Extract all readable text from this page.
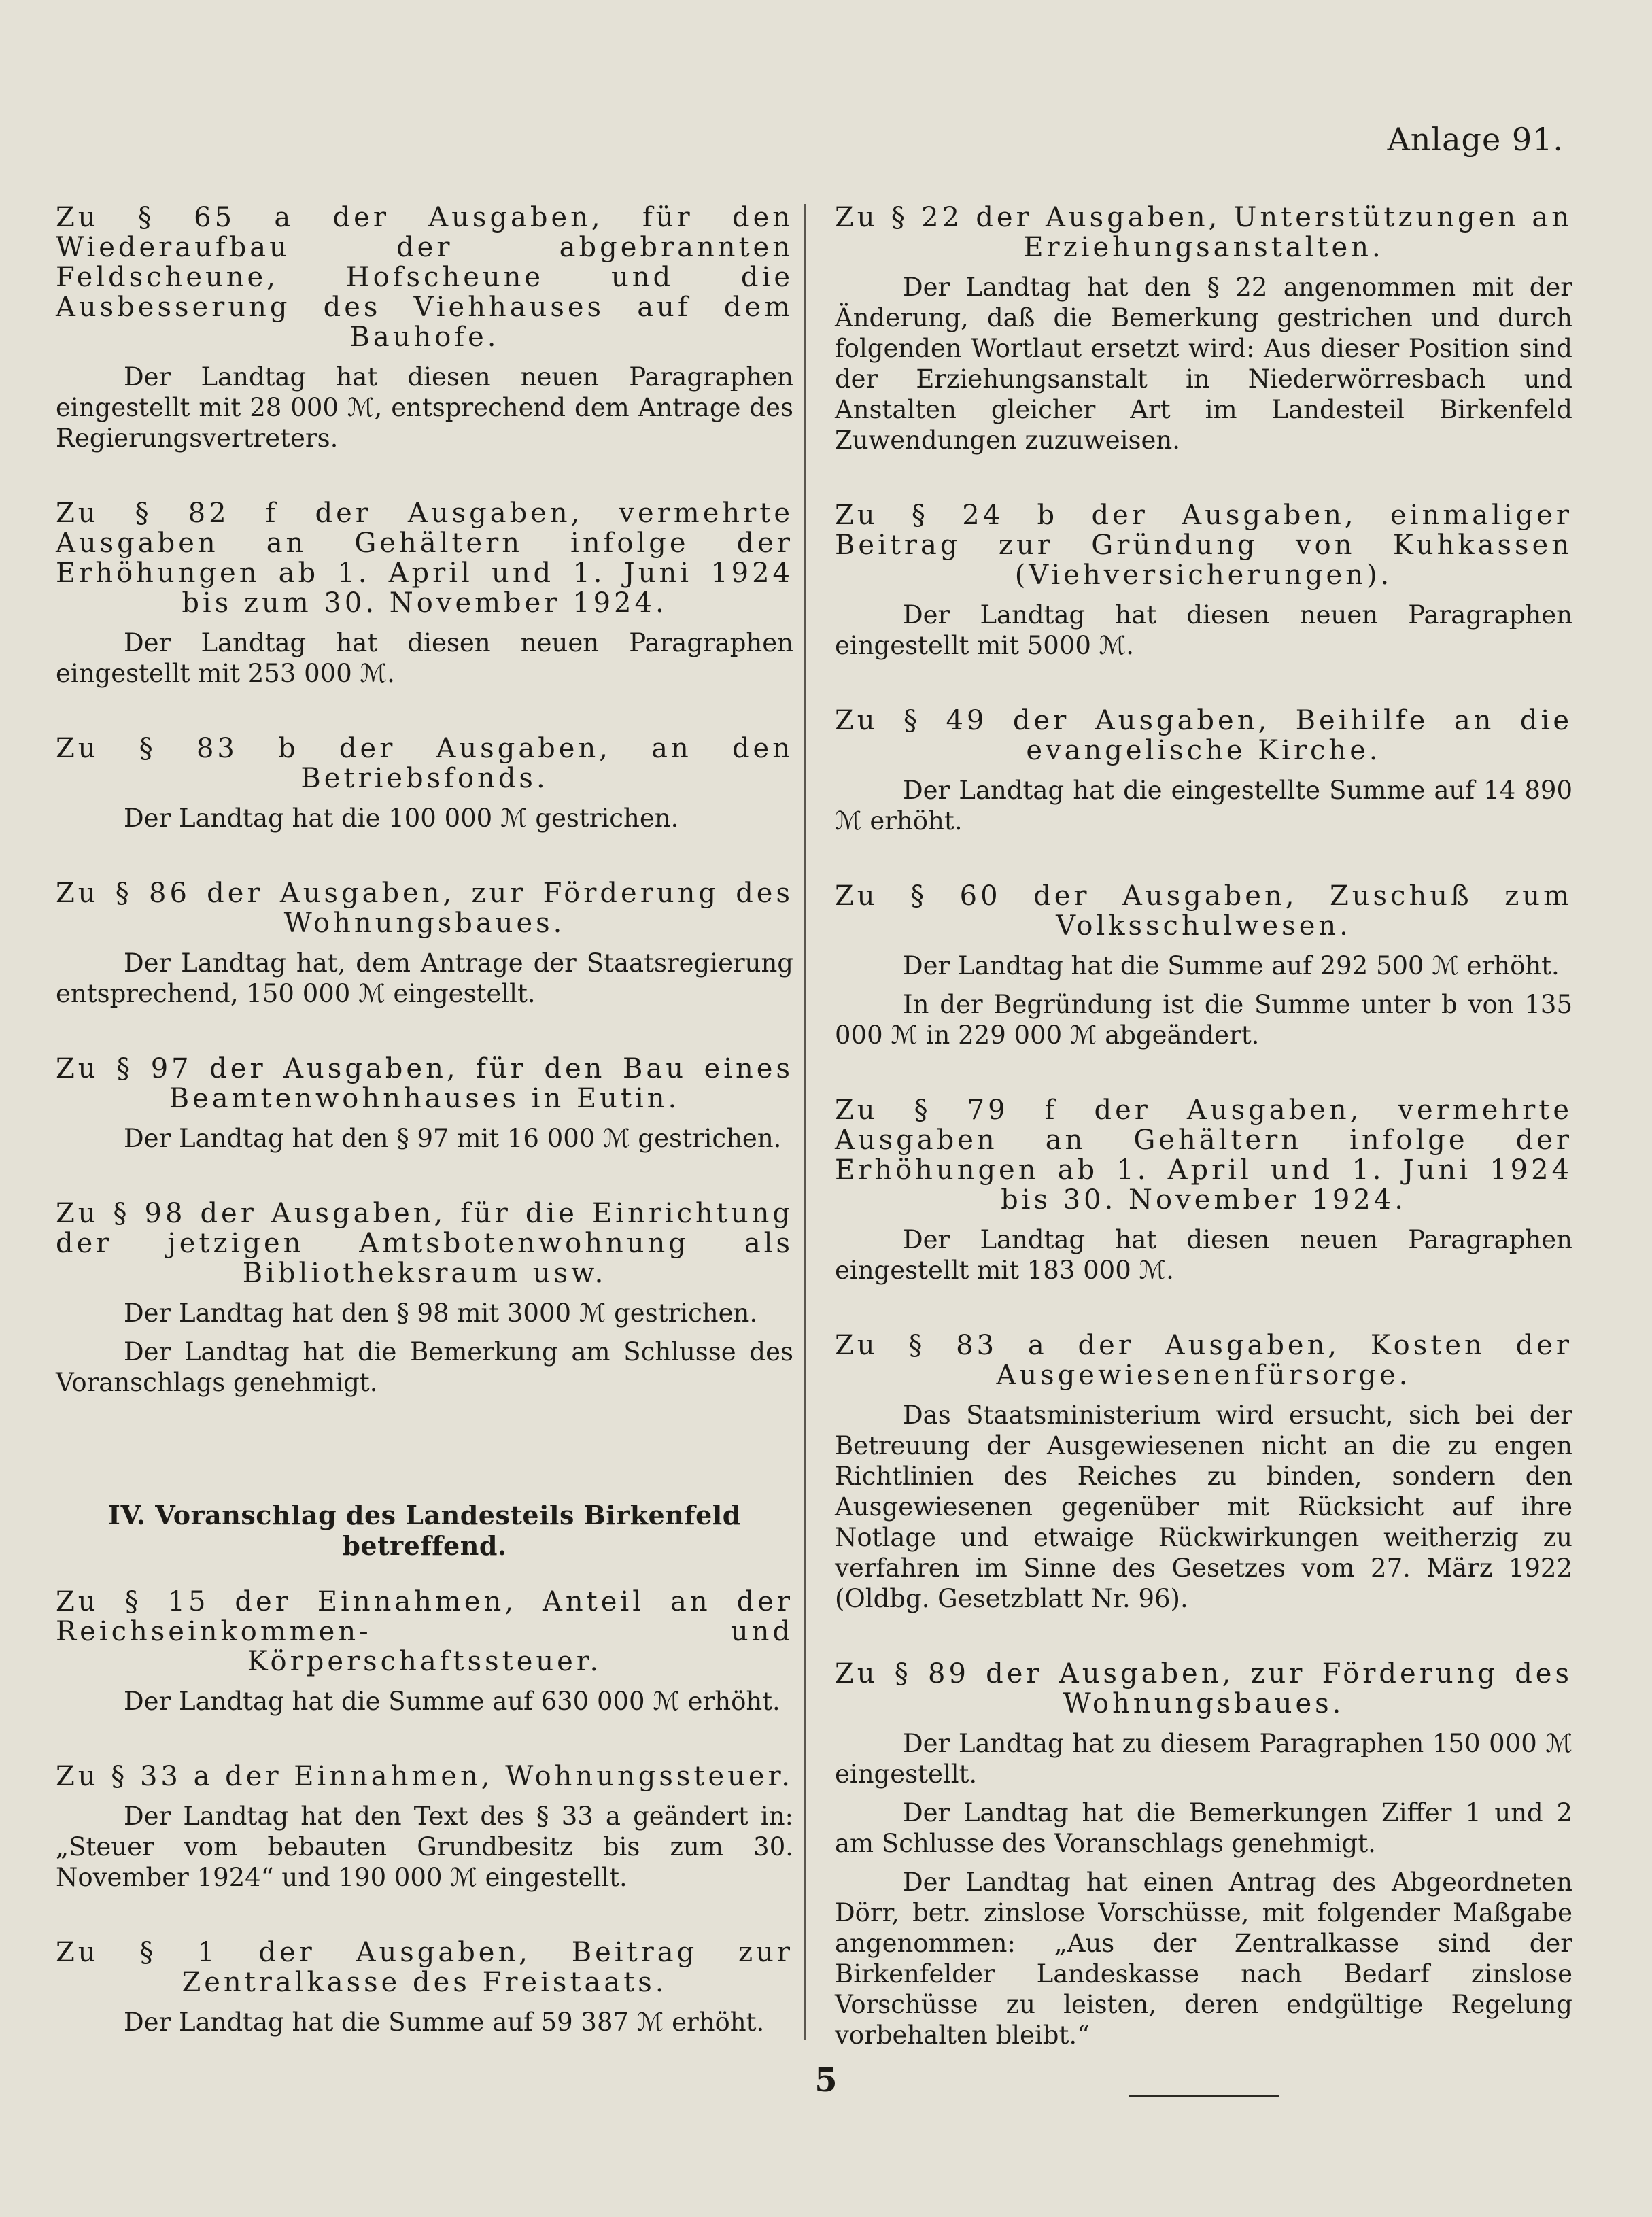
Anlage 91.
Zu § 65 a der Ausgaben, für den Wiederaufbau der abgebrannten Feldscheune, Hofscheune und die Ausbesserung des Viehhauses auf dem Bauhofe.
Der Landtag hat diesen neuen Paragraphen eingestellt mit 28 000 ℳ, entsprechend dem Antrage des Regierungsvertreters.
Zu § 82 f der Ausgaben, vermehrte Ausgaben an Gehältern infolge der Erhöhungen ab 1. April und 1. Juni 1924 bis zum 30. November 1924.
Der Landtag hat diesen neuen Paragraphen eingestellt mit 253 000 ℳ.
Zu § 83 b der Ausgaben, an den Betriebsfonds.
Der Landtag hat die 100 000 ℳ gestrichen.
Zu § 86 der Ausgaben, zur Förderung des Wohnungsbaues.
Der Landtag hat, dem Antrage der Staatsregierung entsprechend, 150 000 ℳ eingestellt.
Zu § 97 der Ausgaben, für den Bau eines Beamtenwohnhauses in Eutin.
Der Landtag hat den § 97 mit 16 000 ℳ gestrichen.
Zu § 98 der Ausgaben, für die Einrichtung der jetzigen Amtsbotenwohnung als Bibliotheksraum usw.
Der Landtag hat den § 98 mit 3000 ℳ gestrichen.
Der Landtag hat die Bemerkung am Schlusse des Voranschlags genehmigt.
IV. Voranschlag des Landesteils Birkenfeld betreffend.
Zu § 15 der Einnahmen, Anteil an der Reichseinkommen- und Körperschaftssteuer.
Der Landtag hat die Summe auf 630 000 ℳ erhöht.
Zu § 33 a der Einnahmen, Wohnungssteuer.
Der Landtag hat den Text des § 33 a geändert in: „Steuer vom bebauten Grundbesitz bis zum 30. November 1924“ und 190 000 ℳ eingestellt.
Zu § 1 der Ausgaben, Beitrag zur Zentralkasse des Freistaats.
Der Landtag hat die Summe auf 59 387 ℳ erhöht.
Zu § 22 der Ausgaben, Unterstützungen an Erziehungsanstalten.
Der Landtag hat den § 22 angenommen mit der Änderung, daß die Bemerkung gestrichen und durch folgenden Wortlaut ersetzt wird: Aus dieser Position sind der Erziehungsanstalt in Niederwörresbach und Anstalten gleicher Art im Landesteil Birkenfeld Zuwendungen zuzuweisen.
Zu § 24 b der Ausgaben, einmaliger Beitrag zur Gründung von Kuhkassen (Viehversicherungen).
Der Landtag hat diesen neuen Paragraphen eingestellt mit 5000 ℳ.
Zu § 49 der Ausgaben, Beihilfe an die evangelische Kirche.
Der Landtag hat die eingestellte Summe auf 14 890 ℳ erhöht.
Zu § 60 der Ausgaben, Zuschuß zum Volksschulwesen.
Der Landtag hat die Summe auf 292 500 ℳ erhöht.
In der Begründung ist die Summe unter b von 135 000 ℳ in 229 000 ℳ abgeändert.
Zu § 79 f der Ausgaben, vermehrte Ausgaben an Gehältern infolge der Erhöhungen ab 1. April und 1. Juni 1924 bis 30. November 1924.
Der Landtag hat diesen neuen Paragraphen eingestellt mit 183 000 ℳ.
Zu § 83 a der Ausgaben, Kosten der Ausgewiesenenfürsorge.
Das Staatsministerium wird ersucht, sich bei der Betreuung der Ausgewiesenen nicht an die zu engen Richtlinien des Reiches zu binden, sondern den Ausgewiesenen gegenüber mit Rücksicht auf ihre Notlage und etwaige Rückwirkungen weitherzig zu verfahren im Sinne des Gesetzes vom 27. März 1922 (Oldbg. Gesetzblatt Nr. 96).
Zu § 89 der Ausgaben, zur Förderung des Wohnungsbaues.
Der Landtag hat zu diesem Paragraphen 150 000 ℳ eingestellt.
Der Landtag hat die Bemerkungen Ziffer 1 und 2 am Schlusse des Voranschlags genehmigt.
Der Landtag hat einen Antrag des Abgeordneten Dörr, betr. zinslose Vorschüsse, mit folgender Maßgabe angenommen: „Aus der Zentralkasse sind der Birkenfelder Landeskasse nach Bedarf zinslose Vorschüsse zu leisten, deren endgültige Regelung vorbehalten bleibt.“
5
